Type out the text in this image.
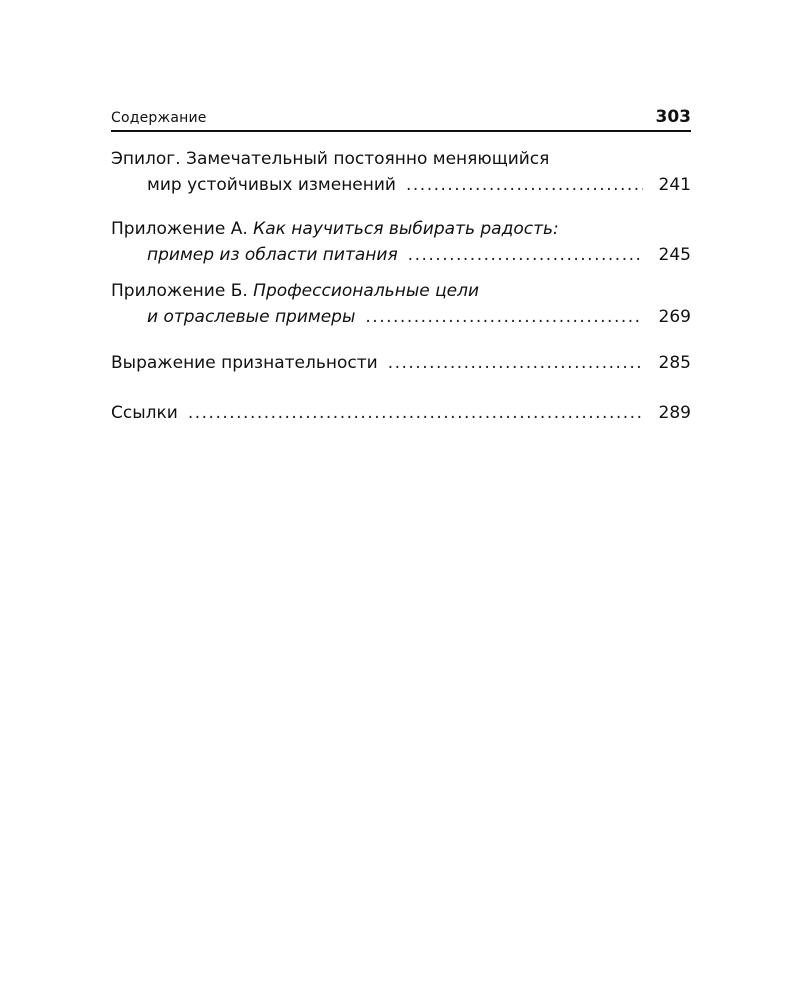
Содержание	303
Эпилог. Замечательный постоянно меняющийся
мир устойчивых изменений .....	241
Приложение А. Как научиться выбирать радость:
пример из области питания .....	245
Приложение Б. Профессиональные цели
и отраслевые примеры .....	269
Выражение признательности .....	285
Ссылки .....	289
